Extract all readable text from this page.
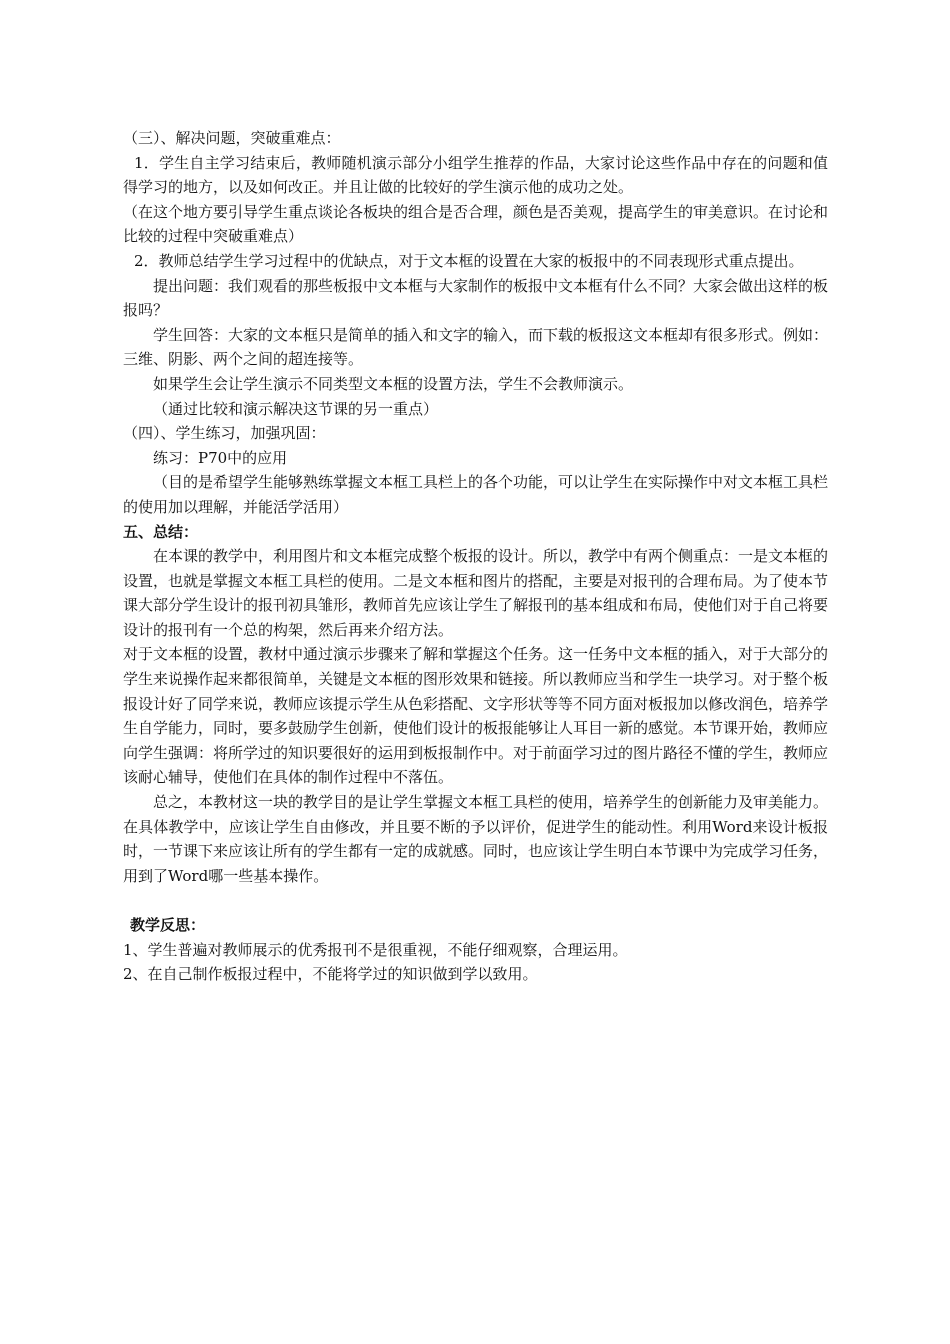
（三）、解决问题，突破重难点：

1．学生自主学习结束后，教师随机演示部分小组学生推荐的作品，大家讨论这些作品中存在的问题和值得学习的地方，以及如何改正。并且让做的比较好的学生演示他的成功之处。

（在这个地方要引导学生重点谈论各板块的组合是否合理，颜色是否美观，提高学生的审美意识。在讨论和比较的过程中突破重难点）

2．教师总结学生学习过程中的优缺点，对于文本框的设置在大家的板报中的不同表现形式重点提出。

提出问题：我们观看的那些板报中文本框与大家制作的板报中文本框有什么不同？大家会做出这样的板报吗？

学生回答：大家的文本框只是简单的插入和文字的输入，而下载的板报这文本框却有很多形式。例如：三维、阴影、两个之间的超连接等。

如果学生会让学生演示不同类型文本框的设置方法，学生不会教师演示。

（通过比较和演示解决这节课的另一重点）

（四）、学生练习，加强巩固：

练习：P70中的应用

（目的是希望学生能够熟练掌握文本框工具栏上的各个功能，可以让学生在实际操作中对文本框工具栏的使用加以理解，并能活学活用）

五、总结：

在本课的教学中，利用图片和文本框完成整个板报的设计。所以，教学中有两个侧重点：一是文本框的设置，也就是掌握文本框工具栏的使用。二是文本框和图片的搭配，主要是对报刊的合理布局。为了使本节课大部分学生设计的报刊初具雏形，教师首先应该让学生了解报刊的基本组成和布局，使他们对于自己将要设计的报刊有一个总的构架，然后再来介绍方法。

对于文本框的设置，教材中通过演示步骤来了解和掌握这个任务。这一任务中文本框的插入，对于大部分的学生来说操作起来都很简单，关键是文本框的图形效果和链接。所以教师应当和学生一块学习。对于整个板报设计好了同学来说，教师应该提示学生从色彩搭配、文字形状等等不同方面对板报加以修改润色，培养学生自学能力，同时，要多鼓励学生创新，使他们设计的板报能够让人耳目一新的感觉。本节课开始，教师应向学生强调：将所学过的知识要很好的运用到板报制作中。对于前面学习过的图片路径不懂的学生，教师应该耐心辅导，使他们在具体的制作过程中不落伍。

总之，本教材这一块的教学目的是让学生掌握文本框工具栏的使用，培养学生的创新能力及审美能力。在具体教学中，应该让学生自由修改，并且要不断的予以评价，促进学生的能动性。利用Word来设计板报时，一节课下来应该让所有的学生都有一定的成就感。同时，也应该让学生明白本节课中为完成学习任务，用到了Word哪一些基本操作。

教学反思：

1、学生普遍对教师展示的优秀报刊不是很重视，不能仔细观察，合理运用。

2、在自己制作板报过程中，不能将学过的知识做到学以致用。
